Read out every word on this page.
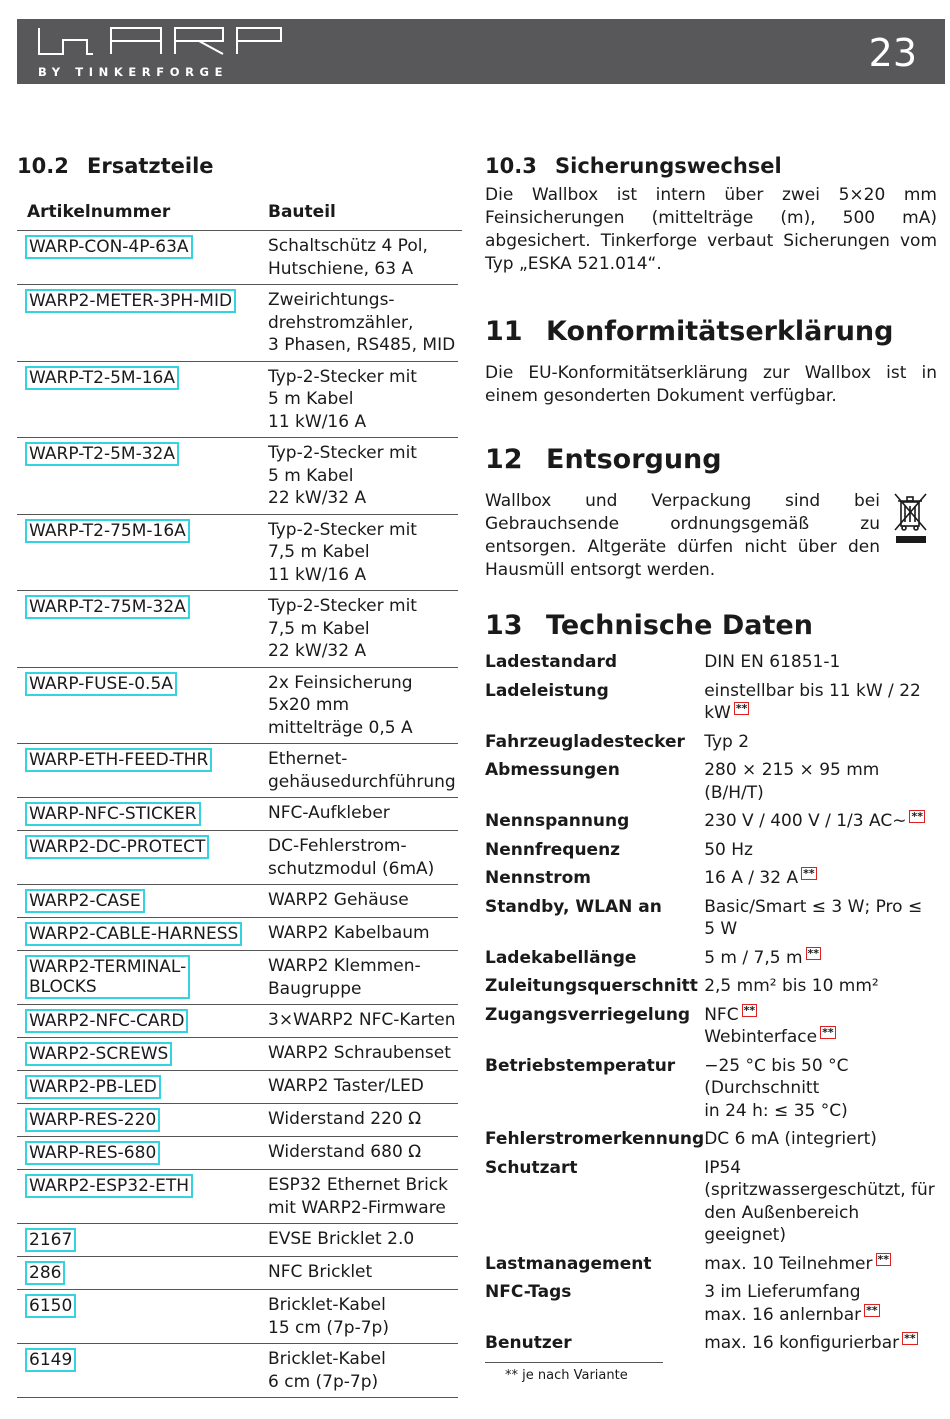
BY TINKERFORGE	23
10.2 Ersatzteile
Artikelnummer	Bauteil
WARP-CON-4P-63A	Schaltschütz 4 Pol,
Hutschiene, 63 A
WARP2-METER-3PH-MID	Zweirichtungs-
drehstromzähler,
3 Phasen, RS485, MID
WARP-T2-5M-16A	Typ-2-Stecker mit
5 m Kabel
11 kW/16 A
WARP-T2-5M-32A	Typ-2-Stecker mit
5 m Kabel
22 kW/32 A
WARP-T2-75M-16A	Typ-2-Stecker mit
7,5 m Kabel
11 kW/16 A
WARP-T2-75M-32A	Typ-2-Stecker mit
7,5 m Kabel
22 kW/32 A
WARP-FUSE-0.5A	2x Feinsicherung
5x20 mm
mittelträge 0,5 A
WARP-ETH-FEED-THR	Ethernet-
gehäusedurchführung
WARP-NFC-STICKER	NFC-Aufkleber
WARP2-DC-PROTECT	DC-Fehlerstrom-
schutzmodul (6mA)
WARP2-CASE	WARP2 Gehäuse
WARP2-CABLE-HARNESS	WARP2 Kabelbaum
WARP2-TERMINAL-
BLOCKS	WARP2 Klemmen-
Baugruppe
WARP2-NFC-CARD	3×WARP2 NFC-Karten
WARP2-SCREWS	WARP2 Schraubenset
WARP2-PB-LED	WARP2 Taster/LED
WARP-RES-220	Widerstand 220 Ω
WARP-RES-680	Widerstand 680 Ω
WARP2-ESP32-ETH	ESP32 Ethernet Brick
mit WARP2-Firmware
2167	EVSE Bricklet 2.0
286	NFC Bricklet
6150	Bricklet-Kabel
15 cm (7p-7p)
6149	Bricklet-Kabel
6 cm (7p-7p)
10.3 Sicherungswechsel

Die Wallbox ist intern über zwei 5×20 mm Feinsicherungen (mittelträge (m), 500 mA) abgesichert. Tinkerforge verbaut Sicherungen vom Typ „ESKA 521.014“.

11 Konformitätserklärung

Die EU-Konformitätserklärung zur Wallbox ist in einem gesonderten Dokument verfügbar.

12 Entsorgung

Wallbox und Verpackung sind bei Gebrauchsende ordnungsgemäß zu entsorgen. Altgeräte dürfen nicht über den Hausmüll entsorgt werden.

13 Technische Daten
Ladestandard	DIN EN 61851-1
Ladeleistung	einstellbar bis 11 kW / 22 kW **
Fahrzeugladestecker	Typ 2
Abmessungen	280 × 215 × 95 mm (B/H/T)
Nennspannung	230 V / 400 V / 1/3 AC∼ **
Nennfrequenz	50 Hz
Nennstrom	16 A / 32 A **
Standby, WLAN an	Basic/Smart ≤ 3 W; Pro ≤ 5 W
Ladekabellänge	5 m / 7,5 m **
Zuleitungsquerschnitt	2,5 mm² bis 10 mm²
Zugangsverriegelung	NFC **
Webinterface **
Betriebstemperatur	−25 °C bis 50 °C (Durchschnitt
in 24 h: ≤ 35 °C)
Fehlerstromerkennung	DC 6 mA (integriert)
Schutzart	IP54 (spritzwassergeschützt, für
den Außenbereich geeignet)
Lastmanagement	max. 10 Teilnehmer **
NFC-Tags	3 im Lieferumfang
max. 16 anlernbar **
Benutzer	max. 16 konfigurierbar **
** je nach Variante
